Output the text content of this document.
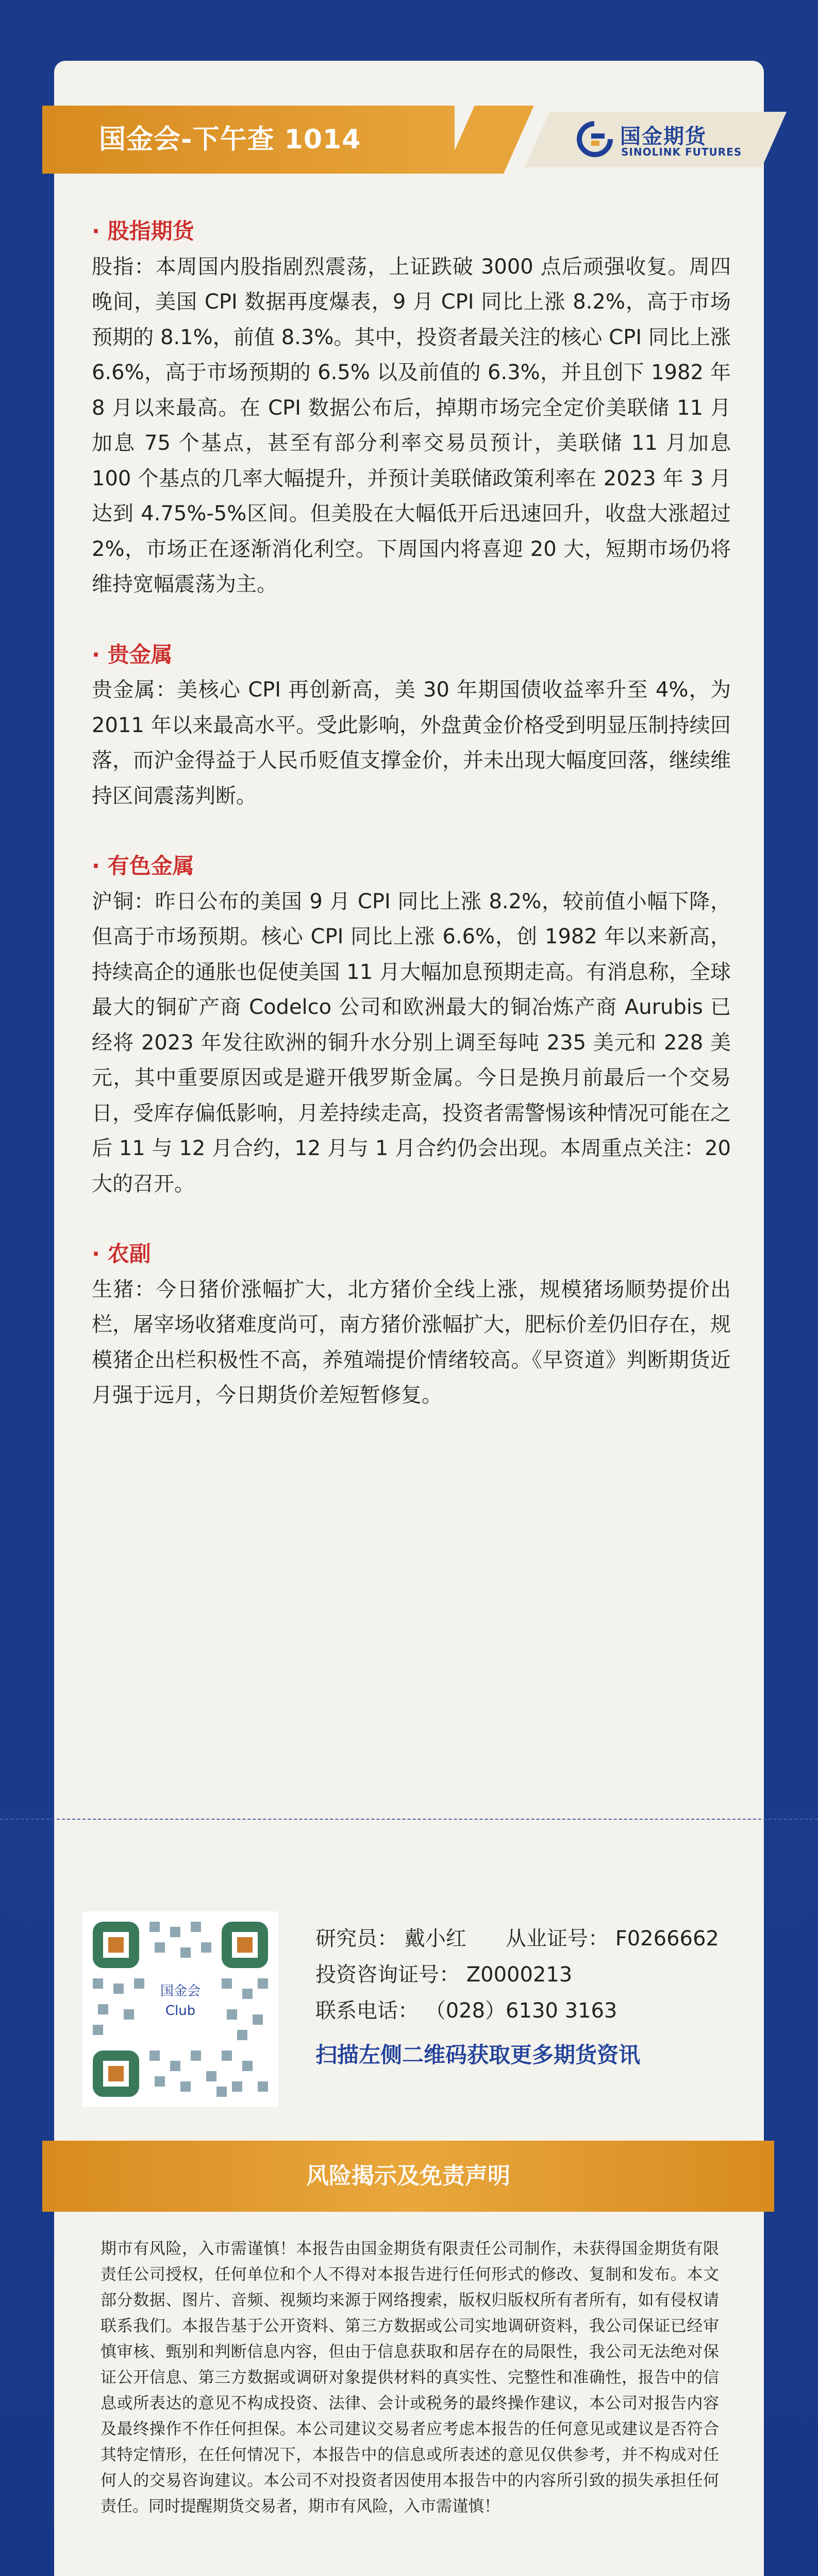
国金会-下午查 1014	国金期货
SINOLINK FUTURES
· 股指期货
股指：本周国内股指剧烈震荡，上证跌破 3000 点后顽强收复。周四晚间，美国 CPI 数据再度爆表，9 月 CPI 同比上涨 8.2%，高于市场预期的 8.1%，前值 8.3%。其中，投资者最关注的核心 CPI 同比上涨 6.6%，高于市场预期的 6.5% 以及前值的 6.3%，并且创下 1982 年 8 月以来最高。在 CPI 数据公布后，掉期市场完全定价美联储 11 月加息 75 个基点，甚至有部分利率交易员预计，美联储 11 月加息 100 个基点的几率大幅提升，并预计美联储政策利率在 2023 年 3 月达到 4.75%-5%区间。但美股在大幅低开后迅速回升，收盘大涨超过 2%，市场正在逐渐消化利空。下周国内将喜迎 20 大，短期市场仍将维持宽幅震荡为主。
· 贵金属
贵金属：美核心 CPI 再创新高，美 30 年期国债收益率升至 4%，为 2011 年以来最高水平。受此影响，外盘黄金价格受到明显压制持续回落，而沪金得益于人民币贬值支撑金价，并未出现大幅度回落，继续维持区间震荡判断。
· 有色金属
沪铜：昨日公布的美国 9 月 CPI 同比上涨 8.2%，较前值小幅下降，但高于市场预期。核心 CPI 同比上涨 6.6%，创 1982 年以来新高，持续高企的通胀也促使美国 11 月大幅加息预期走高。有消息称，全球最大的铜矿产商 Codelco 公司和欧洲最大的铜冶炼产商 Aurubis 已经将 2023 年发往欧洲的铜升水分别上调至每吨 235 美元和 228 美元，其中重要原因或是避开俄罗斯金属。今日是换月前最后一个交易日，受库存偏低影响，月差持续走高，投资者需警惕该种情况可能在之后 11 与 12 月合约，12 月与 1 月合约仍会出现。本周重点关注：20 大的召开。
· 农副
生猪：今日猪价涨幅扩大，北方猪价全线上涨，规模猪场顺势提价出栏，屠宰场收猪难度尚可，南方猪价涨幅扩大，肥标价差仍旧存在，规模猪企出栏积极性不高，养殖端提价情绪较高。《早资道》判断期货近月强于远月，今日期货价差短暂修复。
国金会
Club
研究员： 戴小红      从业证号： F0266662
投资咨询证号： Z0000213
联系电话： （028）6130 3163
扫描左侧二维码获取更多期货资讯
风险揭示及免责声明
期市有风险，入市需谨慎！本报告由国金期货有限责任公司制作，未获得国金期货有限责任公司授权，任何单位和个人不得对本报告进行任何形式的修改、复制和发布。本文部分数据、图片、音频、视频均来源于网络搜索，版权归版权所有者所有，如有侵权请联系我们。本报告基于公开资料、第三方数据或公司实地调研资料，我公司保证已经审慎审核、甄别和判断信息内容，但由于信息获取和居存在的局限性，我公司无法绝对保证公开信息、第三方数据或调研对象提供材料的真实性、完整性和准确性，报告中的信息或所表达的意见不构成投资、法律、会计或税务的最终操作建议，本公司对报告内容及最终操作不作任何担保。本公司建议交易者应考虑本报告的任何意见或建议是否符合其特定情形，在任何情况下，本报告中的信息或所表述的意见仅供参考，并不构成对任何人的交易咨询建议。本公司不对投资者因使用本报告中的内容所引致的损失承担任何责任。同时提醒期货交易者，期市有风险，入市需谨慎！
